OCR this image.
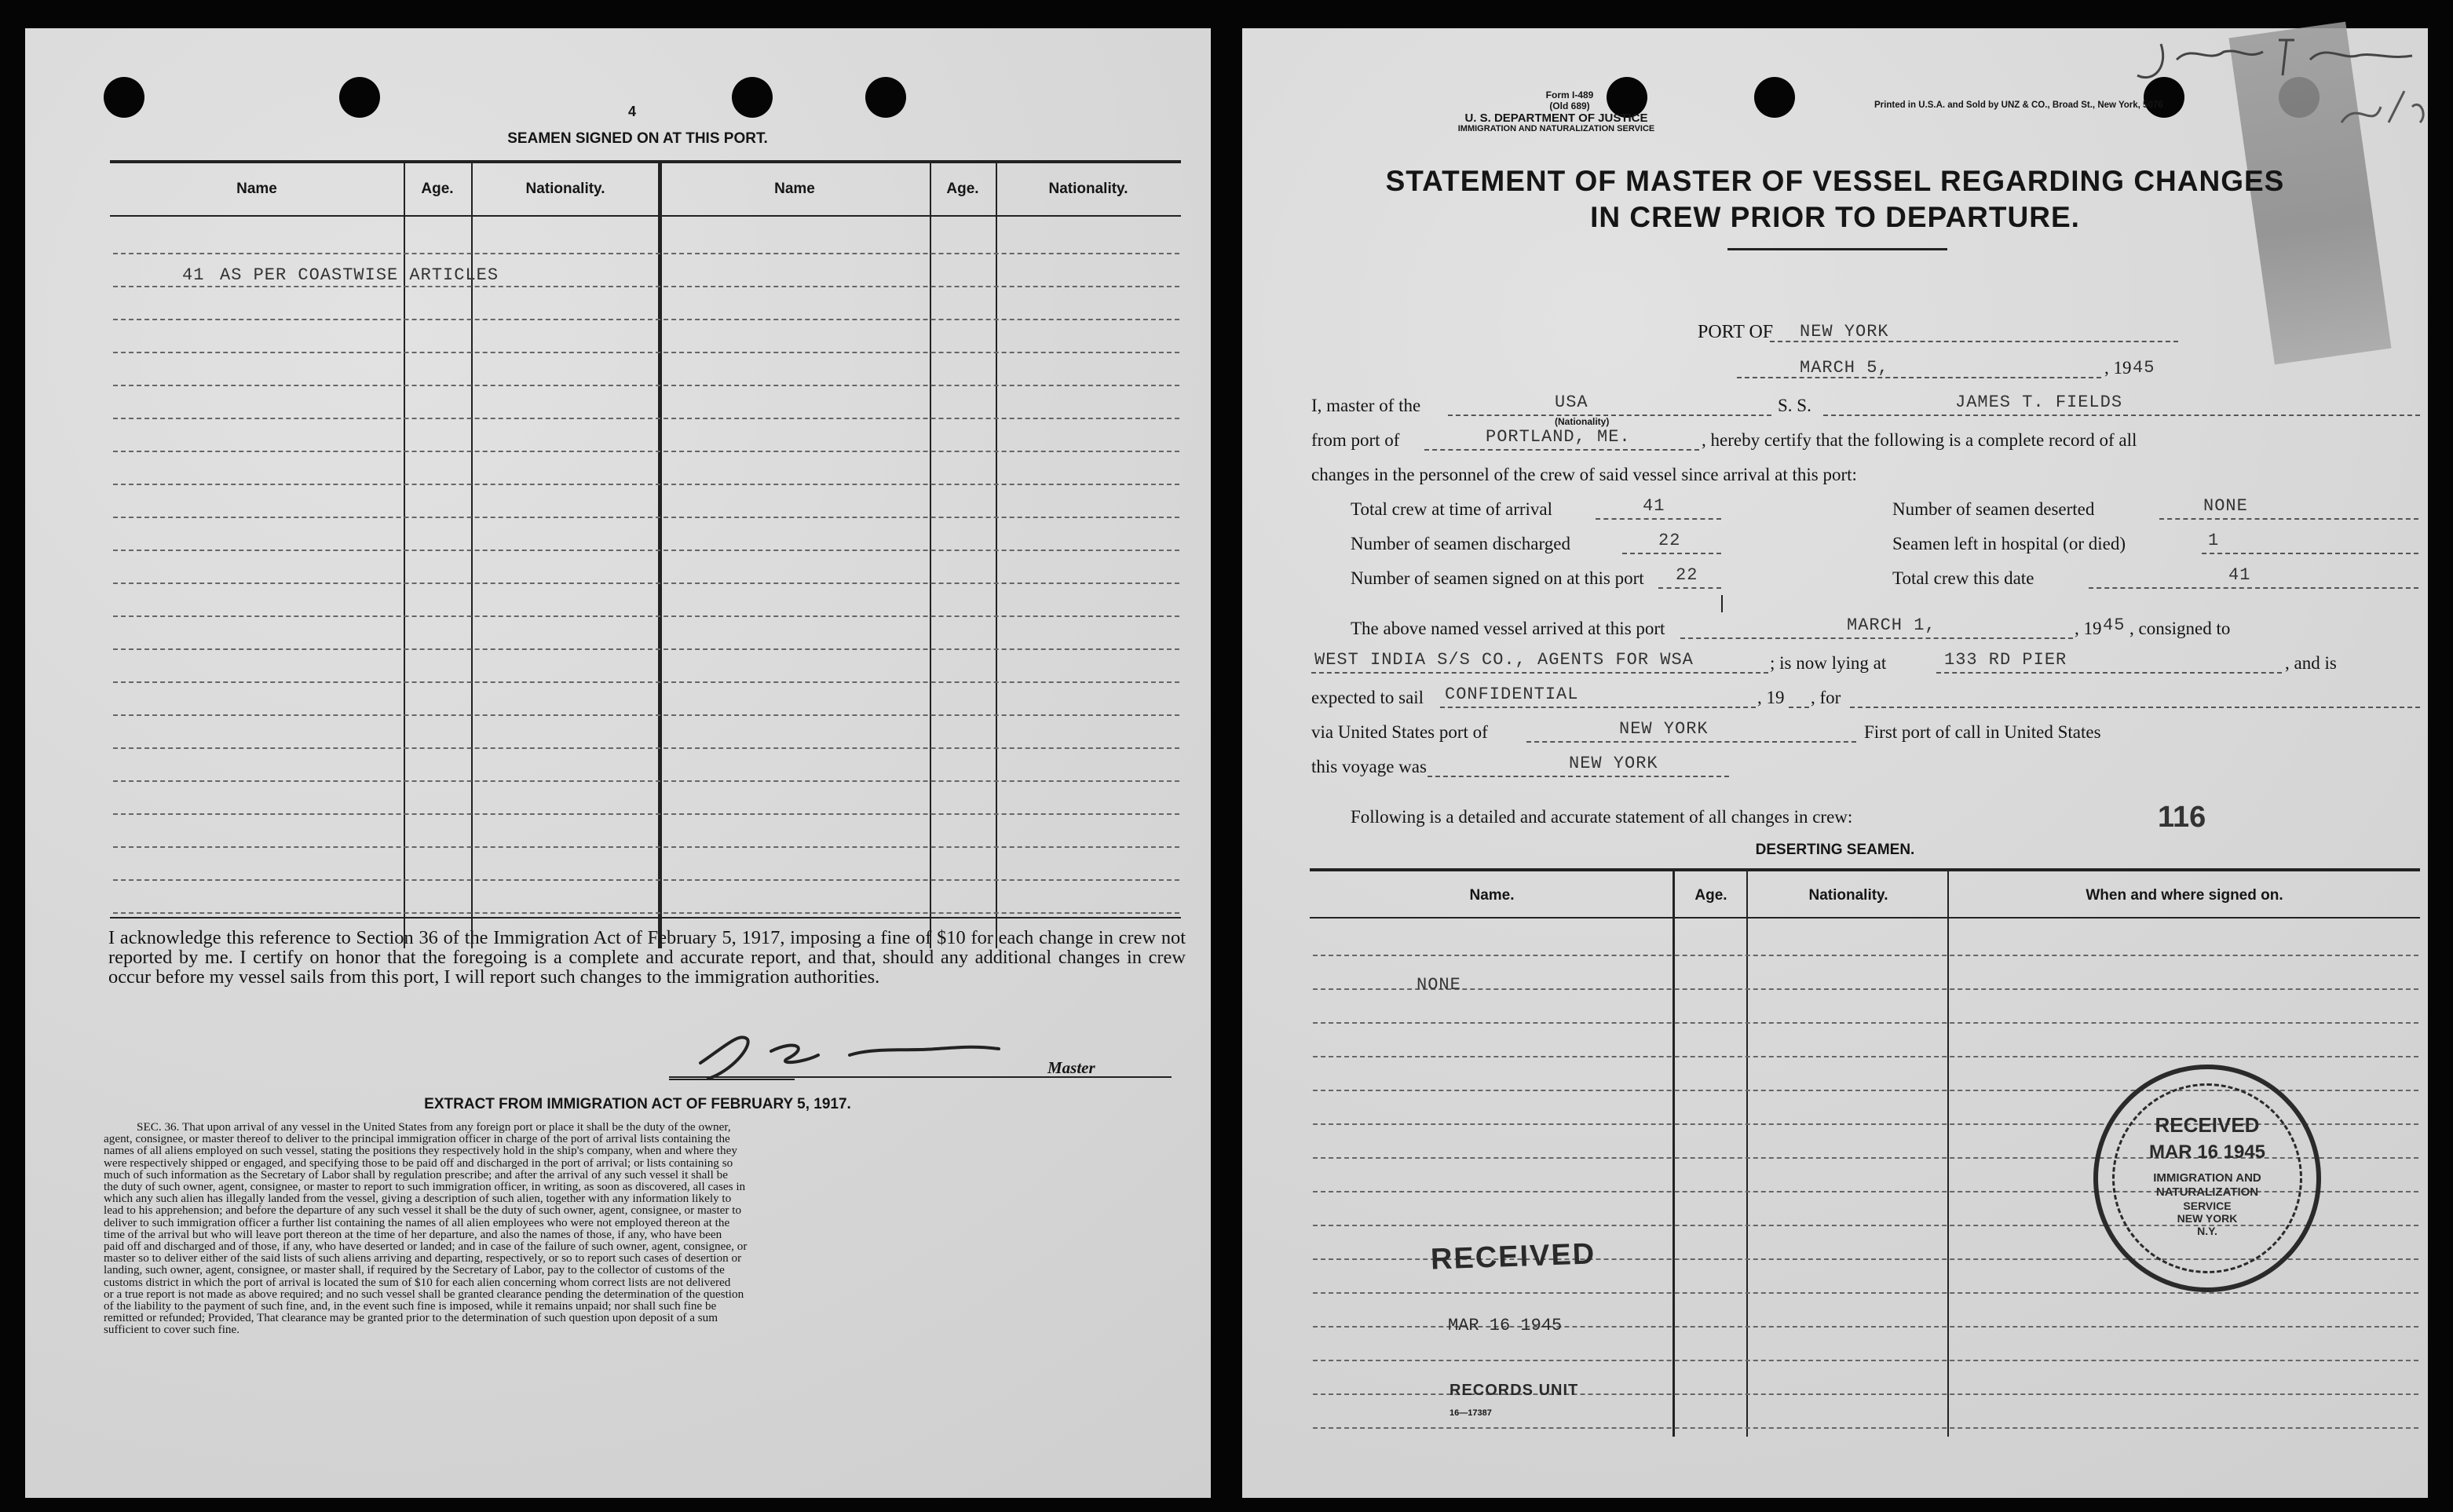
4
SEAMEN SIGNED ON AT THIS PORT.
Name	Age.	Nationality.	Name	Age.	Nationality.
41 AS PER COASTWISE ARTICLES
I acknowledge this reference to Section 36 of the Immigration Act of February 5, 1917, imposing a fine of $10 for each change in crew not reported by me. I certify on honor that the foregoing is a complete and accurate report, and that, should any additional changes in crew occur before my vessel sails from this port, I will report such changes to the immigration authorities.
Master
EXTRACT FROM IMMIGRATION ACT OF FEBRUARY 5, 1917.
SEC. 36. That upon arrival of any vessel in the United States from any foreign port or place it shall be the duty of the owner,
agent, consignee, or master thereof to deliver to the principal immigration officer in charge of the port of arrival lists containing the
names of all aliens employed on such vessel, stating the positions they respectively hold in the ship's company, when and where they
were respectively shipped or engaged, and specifying those to be paid off and discharged in the port of arrival; or lists containing so
much of such information as the Secretary of Labor shall by regulation prescribe; and after the arrival of any such vessel it shall be
the duty of such owner, agent, consignee, or master to report to such immigration officer, in writing, as soon as discovered, all cases in
which any such alien has illegally landed from the vessel, giving a description of such alien, together with any information likely to
lead to his apprehension; and before the departure of any such vessel it shall be the duty of such owner, agent, consignee, or master to
deliver to such immigration officer a further list containing the names of all alien employees who were not employed thereon at the
time of the arrival but who will leave port thereon at the time of her departure, and also the names of those, if any, who have been
paid off and discharged and of those, if any, who have deserted or landed; and in case of the failure of such owner, agent, consignee, or
master so to deliver either of the said lists of such aliens arriving and departing, respectively, or so to report such cases of desertion or
landing, such owner, agent, consignee, or master shall, if required by the Secretary of Labor, pay to the collector of customs of the
customs district in which the port of arrival is located the sum of $10 for each alien concerning whom correct lists are not delivered
or a true report is not made as above required; and no such vessel shall be granted clearance pending the determination of the question
of the liability to the payment of such fine, and, in the event such fine is imposed, while it remains unpaid; nor shall such fine be
remitted or refunded; Provided, That clearance may be granted prior to the determination of such question upon deposit of a sum
sufficient to cover such fine.
Form I-489
(Old 689)
U. S. DEPARTMENT OF JUSTICE
IMMIGRATION AND NATURALIZATION SERVICE
Printed in U.S.A. and Sold by UNZ & CO., Broad St., New York, 5076
STATEMENT OF MASTER OF VESSEL REGARDING CHANGES
IN CREW PRIOR TO DEPARTURE.
PORT OF NEW YORK
MARCH 5,	, 19 45
I, master of the	USA
(Nationality)
S. S.	JAMES T. FIELDS
from port of	PORTLAND, ME.	, hereby certify that the following is a complete record of all
changes in the personnel of the crew of said vessel since arrival at this port:
Total crew at time of arrival	41	Number of seamen deserted	NONE
Number of seamen discharged	22	Seamen left in hospital (or died)	1
Number of seamen signed on at this port 22	Total crew this date	41
The above named vessel arrived at this port	MARCH 1,	, 19 45 , consigned to
WEST INDIA S/S CO., AGENTS FOR WSA	; is now lying at	133 RD PIER	, and is
expected to sail CONFIDENTIAL	, 19 , for
via United States port of	NEW YORK	First port of call in United States
this voyage was	NEW YORK
Following is a detailed and accurate statement of all changes in crew:	116
DESERTING SEAMEN.
Name.	Age.	Nationality.	When and where signed on.
NONE
RECEIVED
MAR 16 1945
RECORDS UNIT
16—17387
RECEIVED
MAR 16 1945
IMMIGRATION AND
NATURALIZATION
SERVICE
NEW YORK
N.Y.
